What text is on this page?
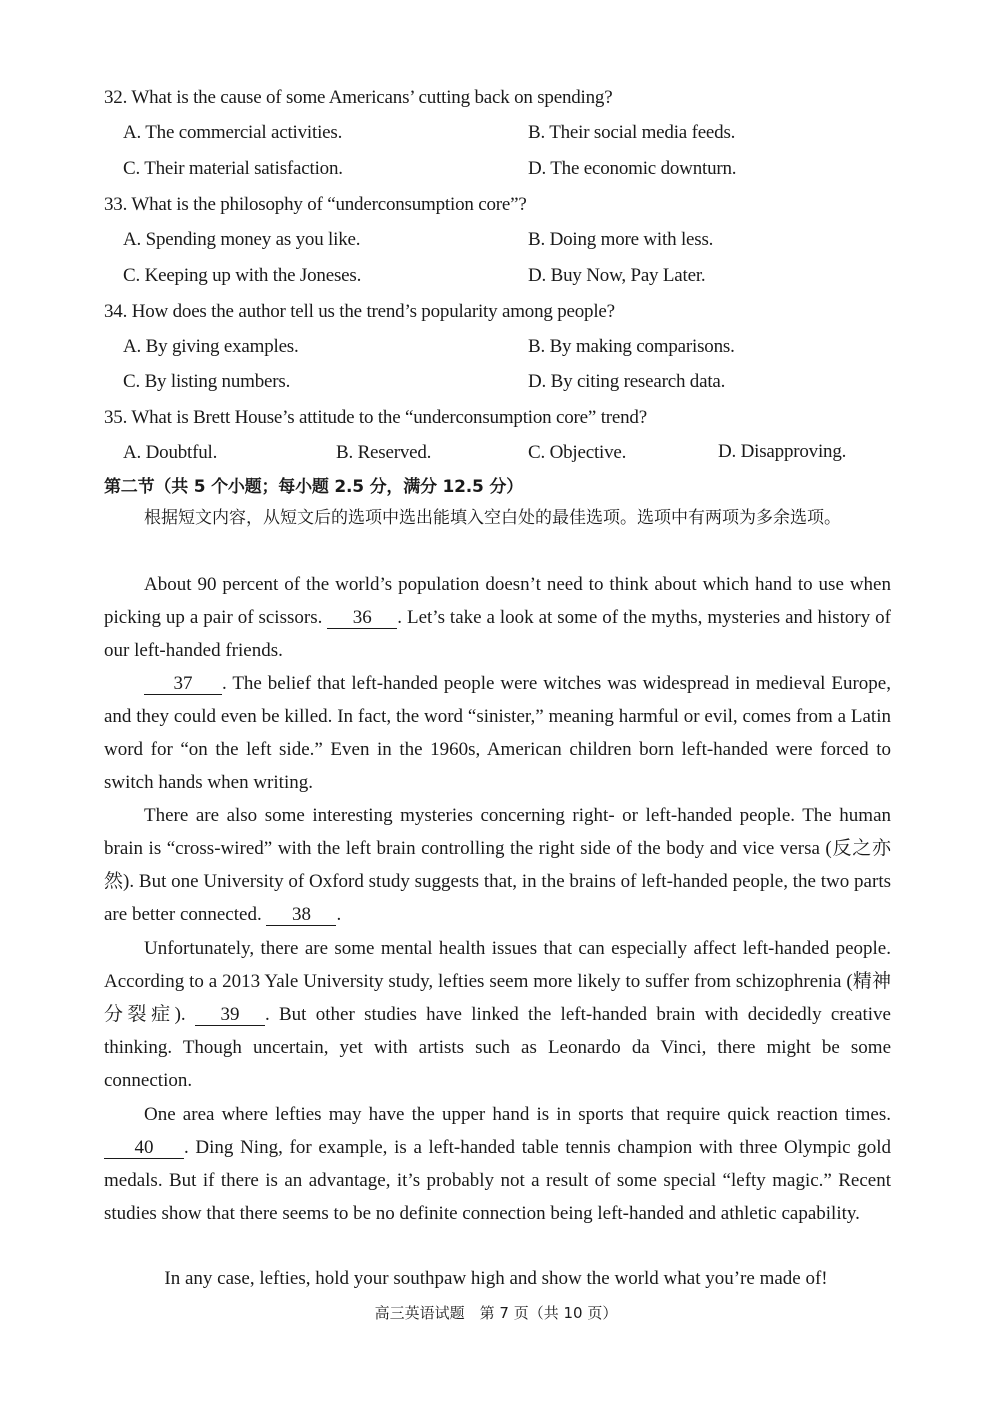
32. What is the cause of some Americans’ cutting back on spending?
A. The commercial activities.	B. Their social media feeds.
C. Their material satisfaction.	D. The economic downturn.
33. What is the philosophy of “underconsumption core”?
A. Spending money as you like.	B. Doing more with less.
C. Keeping up with the Joneses.	D. Buy Now, Pay Later.
34. How does the author tell us the trend’s popularity among people?
A. By giving examples.	B. By making comparisons.
C. By listing numbers.	D. By citing research data.
35. What is Brett House’s attitude to the “underconsumption core” trend?
A. Doubtful.	B. Reserved.	C. Objective.	D. Disapproving.
第二节（共 5 个小题；每小题 2.5 分，满分 12.5 分）

根据短文内容，从短文后的选项中选出能填入空白处的最佳选项。选项中有两项为多余选项。

About 90 percent of the world’s population doesn’t need to think about which hand to use when picking up a pair of scissors. 36 . Let’s take a look at some of the myths, mysteries and history of our left-handed friends.

37 . The belief that left-handed people were witches was widespread in medieval Europe, and they could even be killed. In fact, the word “sinister,” meaning harmful or evil, comes from a Latin word for “on the left side.” Even in the 1960s, American children born left-handed were forced to switch hands when writing.

There are also some interesting mysteries concerning right- or left-handed people. The human brain is “cross-wired” with the left brain controlling the right side of the body and vice versa (反之亦然). But one University of Oxford study suggests that, in the brains of left-handed people, the two parts are better connected. 38 .

Unfortunately, there are some mental health issues that can especially affect left-handed people. According to a 2013 Yale University study, lefties seem more likely to suffer from schizophrenia (精神分裂症). 39 . But other studies have linked the left-handed brain with decidedly creative thinking. Though uncertain, yet with artists such as Leonardo da Vinci, there might be some connection.

One area where lefties may have the upper hand is in sports that require quick reaction times. 40 . Ding Ning, for example, is a left-handed table tennis champion with three Olympic gold medals. But if there is an advantage, it’s probably not a result of some special “lefty magic.” Recent studies show that there seems to be no definite connection being left-handed and athletic capability.

In any case, lefties, hold your southpaw high and show the world what you’re made of!
高三英语试题　第 7 页（共 10 页）
